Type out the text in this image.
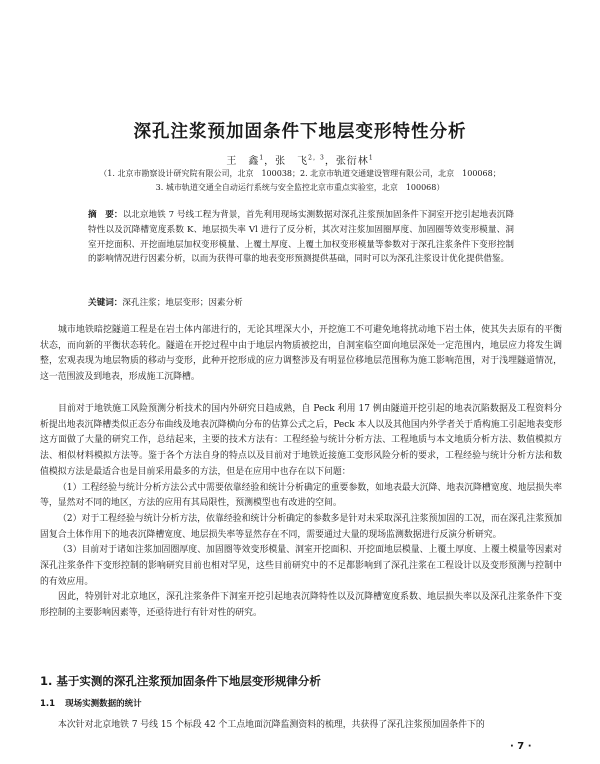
深孔注浆预加固条件下地层变形特性分析
王　鑫$^1$，张　飞$^{2,3}$，张衍林$^1$
（1. 北京市勘察设计研究院有限公司，北京　100038；2. 北京市轨道交通建设管理有限公司，北京　100068；
3. 城市轨道交通全自动运行系统与安全监控北京市重点实验室，北京　100068）
摘　要：以北京地铁 7 号线工程为背景，首先利用现场实测数据对深孔注浆预加固条件下洞室开挖引起地表沉降特性以及沉降槽宽度系数 K、地层损失率 Vl 进行了反分析，其次对注浆加固圈厚度、加固圈等效变形模量、洞室开挖面积、开挖面地层加权变形模量、上覆土厚度、上覆土加权变形模量等参数对于深孔注浆条件下变形控制的影响情况进行因素分析，以而为获得可靠的地表变形预测提供基础，同时可以为深孔注浆设计优化提供借鉴。
关键词：深孔注浆；地层变形；因素分析

城市地铁暗挖隧道工程是在岩土体内部进行的，无论其埋深大小，开挖施工不可避免地将扰动地下岩土体，使其失去原有的平衡状态，而向新的平衡状态转化。隧道在开挖过程中由于地层内物质被挖出，自洞室临空面向地层深处一定范围内，地层应力将发生调整，宏观表现为地层物质的移动与变形，此种开挖形成的应力调整涉及有明显位移地层范围称为施工影响范围，对于浅埋隧道情况，这一范围波及到地表，形成施工沉降槽。

目前对于地铁施工风险预测分析技术的国内外研究日趋成熟，自 Peck 利用 17 例由隧道开挖引起的地表沉陷数据及工程资料分析提出地表沉降槽类似正态分布曲线及地表沉降横向分布的估算公式之后，Peck 本人以及其他国内外学者关于盾构施工引起地表变形这方面做了大量的研究工作，总结起来，主要的技术方法有：工程经验与统计分析方法、工程地质与本文地质分析方法、数值模拟方法、相似材料模拟方法等。鉴于各个方法自身的特点以及目前对于地铁近接施工变形风险分析的要求，工程经验与统计分析方法和数值模拟方法是最适合也是目前采用最多的方法，但是在应用中也存在以下问题：

（1）工程经验与统计分析方法公式中需要依靠经验和统计分析确定的重要参数，如地表最大沉降、地表沉降槽宽度、地层损失率等，显然对不同的地区，方法的应用有其局限性，预测模型也有改进的空间。

（2）对于工程经验与统计分析方法，依靠经验和统计分析确定的参数多是针对未采取深孔注浆预加固的工况，而在深孔注浆预加固复合土体作用下的地表沉降槽宽度、地层损失率等显然存在不同，需要通过大量的现场监测数据进行反演分析研究。

（3）目前对于诸如注浆加固圈厚度、加固圈等效变形模量、洞室开挖面积、开挖面地层模量、上覆土厚度、上覆土模量等因素对深孔注浆条件下变形控制的影响研究目前也相对罕见，这些目前研究中的不足都影响到了深孔注浆在工程设计以及变形预测与控制中的有效应用。

因此，特别针对北京地区，深孔注浆条件下洞室开挖引起地表沉降特性以及沉降槽宽度系数、地层损失率以及深孔注浆条件下变形控制的主要影响因素等，还亟待进行有针对性的研究。

1. 基于实测的深孔注浆预加固条件下地层变形规律分析
1.1 现场实测数据的统计
本次针对北京地铁 7 号线 15 个标段 42 个工点地面沉降监测资料的梳理，共获得了深孔注浆预加固条件下的
· 7 ·
